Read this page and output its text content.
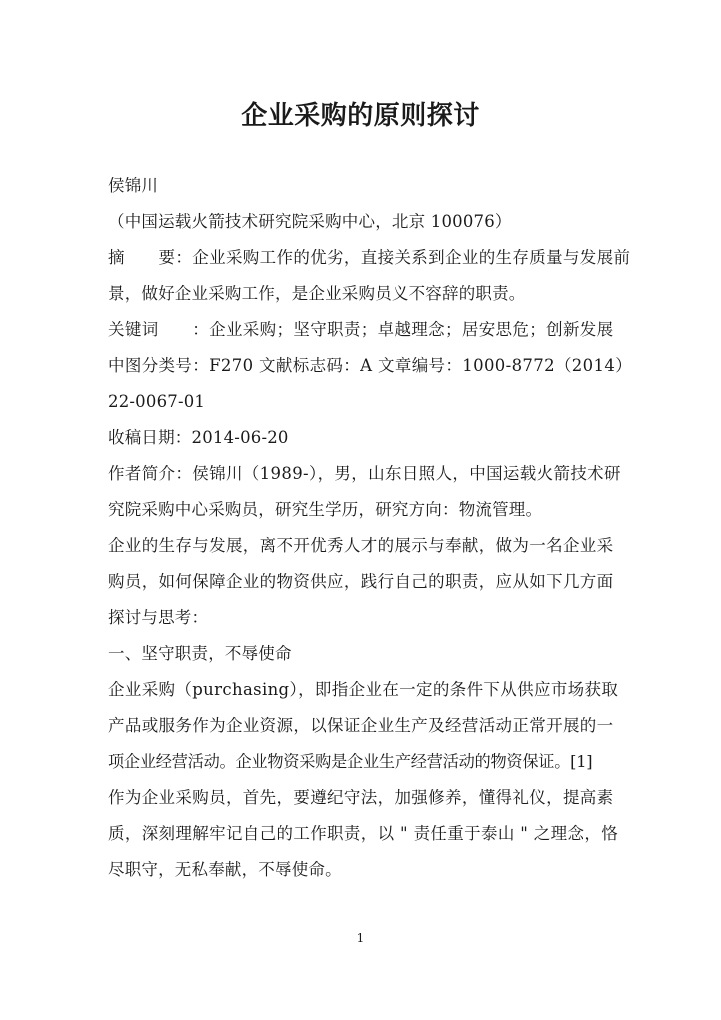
企业采购的原则探讨
侯锦川
（中国运载火箭技术研究院采购中心，北京 100076）
摘　　要：企业采购工作的优劣，直接关系到企业的生存质量与发展前
景，做好企业采购工作，是企业采购员义不容辞的职责。
关键词　　：企业采购；坚守职责；卓越理念；居安思危；创新发展
中图分类号：F270 文献标志码：A 文章编号：1000-8772（2014）
22-0067-01
收稿日期：2014-06-20
作者简介：侯锦川（1989-），男，山东日照人，中国运载火箭技术研
究院采购中心采购员，研究生学历，研究方向：物流管理。
企业的生存与发展，离不开优秀人才的展示与奉献，做为一名企业采
购员，如何保障企业的物资供应，践行自己的职责，应从如下几方面
探讨与思考：
一、坚守职责，不辱使命
企业采购（purchasing），即指企业在一定的条件下从供应市场获取
产品或服务作为企业资源，以保证企业生产及经营活动正常开展的一
项企业经营活动。企业物资采购是企业生产经营活动的物资保证。[1]
作为企业采购员，首先，要遵纪守法，加强修养，懂得礼仪，提高素
质，深刻理解牢记自己的工作职责，以 " 责任重于泰山 " 之理念，恪
尽职守，无私奉献，不辱使命。
1
